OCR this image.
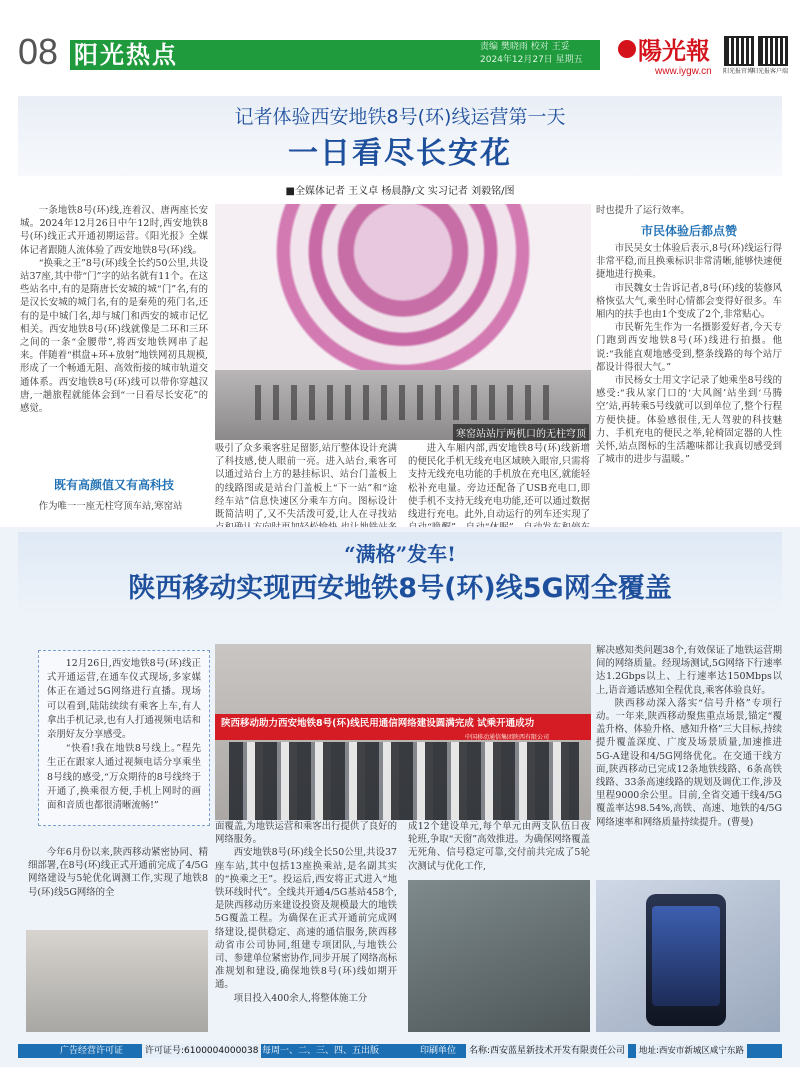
08 阳光热点	责编 樊晓雨 校对 王妥
2024年12月27日 星期五 陽光報
www.iygw.cn	阳光报官博
阳光报客户端
记者体验西安地铁8号(环)线运营第一天
一日看尽长安花
■全媒体记者 王义卓 杨晨静/文 实习记者 刘毅铭/图

一条地铁8号(环)线,连着汉、唐两座长安城。2024年12月26日中午12时,西安地铁8号(环)线正式开通初期运营。《阳光报》全媒体记者跟随人流体验了西安地铁8号(环)线。

“换乘之王”8号(环)线全长约50公里,共设站37座,其中带“门”字的站名就有11个。在这些站名中,有的是隋唐长安城的城“门”名,有的是汉长安城的城门名,有的是秦苑的苑门名,还有的是中城门名,却与城门和西安的城市记忆相关。西安地铁8号(环)线就像是二环和三环之间的一条“金腰带”,将西安地铁网串了起来。伴随着“棋盘+环+放射”地铁网初具规模,形成了一个畅通无阻、高效衔接的城市轨道交通体系。西安地铁8号(环)线可以带你穿越汉唐,一趟旅程就能体会到“一日看尽长安花”的感觉。

既有高颜值又有高科技

作为唯一一座无柱穹顶车站,寒窑站

寒窑站站厅两机口的无柱穹顶

吸引了众多乘客驻足留影,站厅整体设计充满了科技感,使人眼前一亮。进入站台,乘客可以通过站台上方的悬挂标识、站台门盖板上的线路图或是站台门盖板上“下一站”和“途经车站”信息快速区分乘车方向。图标设计既简洁明了,又不失活泼可爱,让人在寻找站

进入车厢内部,西安地铁8号(环)线新增的便民化手机无线充电区域映入眼帘,只需将支持无线充电功能的手机放在充电区,就能轻松补充电量。旁边还配备了USB充电口,即使手机不支持无线充电功能,还可以通过数据线进行充电。此外,自动运行的列车还实现了

时也提升了运行效率。

市民体验后都点赞

市民吴女士体验后表示,8号(环)线运行得非常平稳,而且换乘标识非常清晰,能够快速便捷地进行换乘。

市民魏女士告诉记者,8号(环)线的装修风格恢弘大气,乘坐时心情都会变得好很多。车厢内的扶手也由1个变成了2个,非常贴心。

市民靳先生作为一名摄影爱好者,今天专门跑到西安地铁8号(环)线进行拍摄。他说:“我能直观地感受到,整条线路的每个站厅都设计得很大气。”

市民杨女士用文字记录了她乘坐8号线的感受:“我从家门口的‘大风阁’站坐到‘马腾空’站,再转乘5号线就可以到单位了,整个行程方便快捷。体验感很佳,无人驾驶的科技魅力、手机充电的便民之举,轮椅固定器的人性关怀,站点图标的生活趣味都让我真切感受到了城市的进步与温暖。”

“满格”发车!
陕西移动实现西安地铁8号(环)线5G网全覆盖

12月26日,西安地铁8号(环)线正式开通运营,在通车仪式现场,多家媒体正在通过5G网络进行直播。现场可以看到,陆陆续续有乘客上车,有人拿出手机记录,也有人打通视频电话和亲朋好友分享感受。

“快看!我在地铁8号线上。”程先生正在跟家人通过视频电话分享乘坐8号线的感受,“万众期待的8号线终于开通了,换乘很方便,手机上网时的画面和音质也都很清晰流畅!”

陕西移动助力西安地铁8号(环)线民用通信网络建设圆满完成 试乘开通成功
中国移动通信集团陕西有限公司

今年6月份以来,陕西移动紧密协同、精细部署,在8号(环)线正式开通前完成了4/5G网络建设与5轮优化调测工作,实现了地铁8号(环)线5G网络的全

面覆盖,为地铁运营和乘客出行提供了良好的网络服务。

西安地铁8号(环)线全长50公里,共设37座车站,其中包括13座换乘站,是名副其实的“换乘之王”。投运后,西安将正式进入“地铁环线时代”。全线共开通4/5G基站458个,是陕西移动历来建设投资及规模最大的地铁5G覆盖工程。为确保在正式开通前完成网络建设,提供稳定、高速的通信服务,陕西移动省市公司协同,组建专项团队,与地铁公司、参建单位紧密协作,同步开展了网络高标准规划和建设,确保地铁8号(环)线如期开通。

项目投入400余人,将整体施工分

成12个建设单元,每个单元由两支队伍日夜轮班,争取“天窗”高效推进。为确保网络覆盖无死角、信号稳定可靠,交付前共完成了5轮次测试与优化工作,

解决感知类问题38个,有效保证了地铁运营期间的网络质量。经现场测试,5G网络下行速率达1.2Gbps以上、上行速率达150Mbps以上,语音通话感知全程优良,乘客体验良好。

陕西移动深入落实“信号升格”专项行动。一年来,陕西移动聚焦重点场景,锚定“覆盖升格、体验升格、感知升格”三大目标,持续提升覆盖深度、广度及场景质量,加速推进5G-A建设和4/5G网络优化。在交通干线方面,陕西移动已完成12条地铁线路、6条高铁线路、33条高速线路的规划及调优工作,涉及里程9000余公里。目前,全省交通干线4/5G覆盖率达98.54%,高铁、高速、地铁的4/5G网络速率和网络质量持续提升。(曹曼)

广告经营许可证	许可证号:6100004000038 每周一、二、三、四、五出版	印刷单位	名称:西安蓝星新技术开发有限责任公司	地址:西安市新城区咸宁东路
